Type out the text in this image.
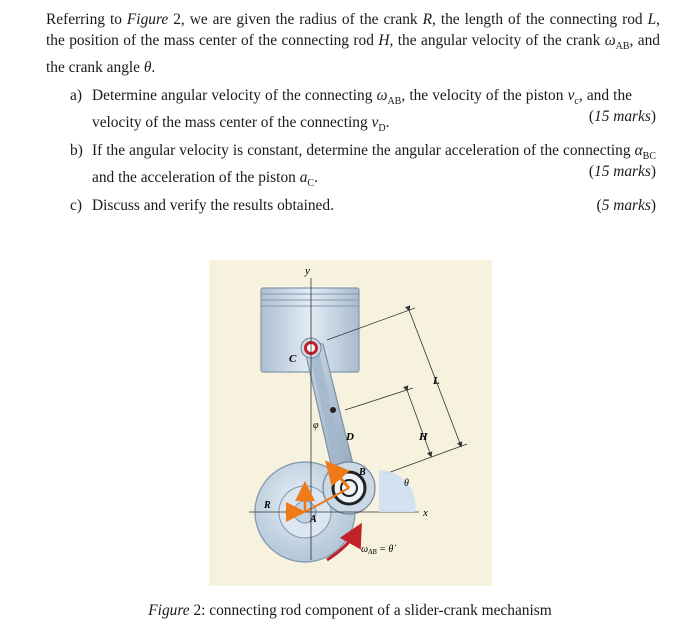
Referring to Figure 2, we are given the radius of the crank R, the length of the connecting rod L, the position of the mass center of the connecting rod H, the angular velocity of the crank $\omega_{AB}$, and the crank angle θ.
a) Determine angular velocity of the connecting $\omega_{AB}$, the velocity of the piston $v_c$, and the velocity of the mass center of the connecting $v_D$.	(15 marks)
b) If the angular velocity is constant, determine the angular acceleration of the connecting $\alpha_{BC}$ and the acceleration of the piston $a_C$.	(15 marks)
c) Discuss and verify the results obtained.	(5 marks)
y
x
C
L
H
D
B
A
R
φ
θ
$\omega_{AB}$ = θ̇
Figure 2: connecting rod component of a slider-crank mechanism
